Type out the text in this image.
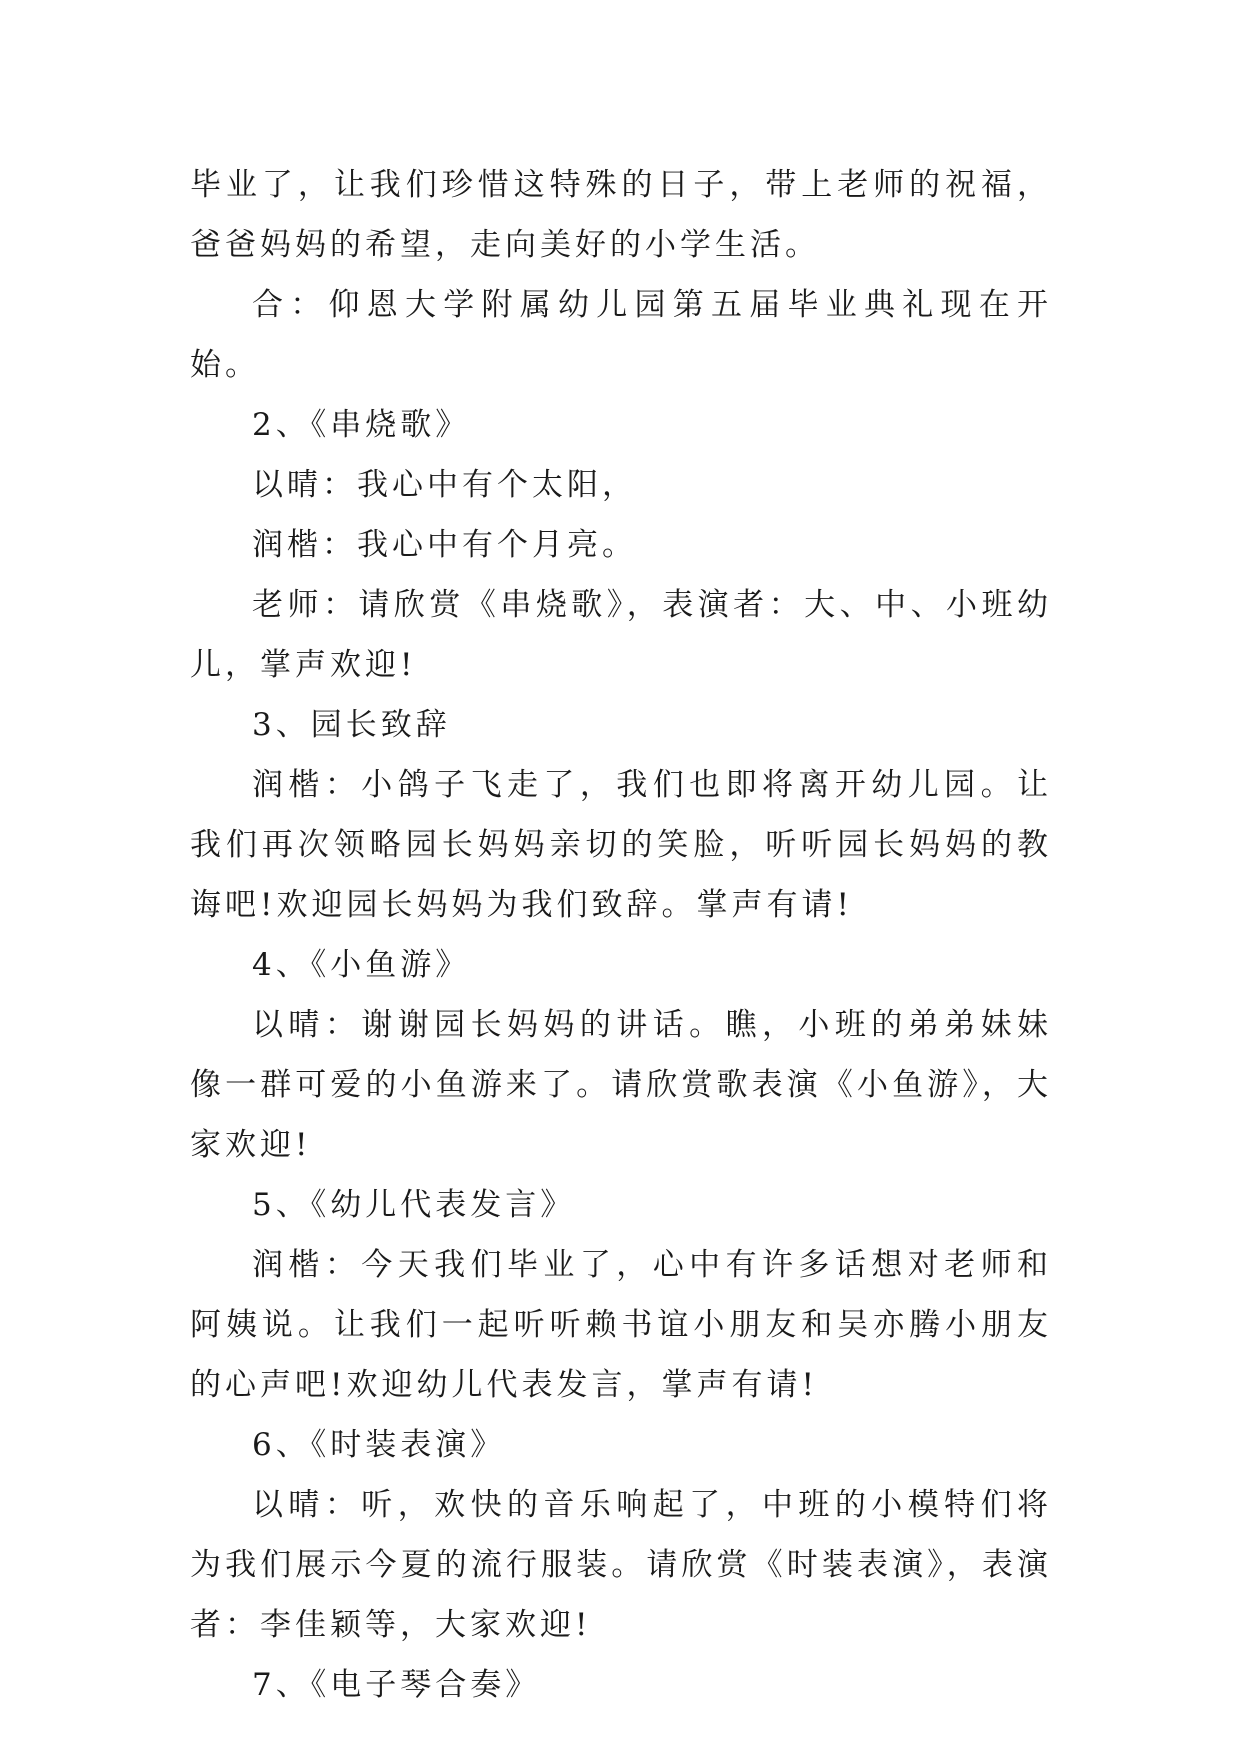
毕业了，让我们珍惜这特殊的日子，带上老师的祝福，爸爸妈妈的希望，走向美好的小学生活。

合：仰恩大学附属幼儿园第五届毕业典礼现在开始。

2、《串烧歌》

以晴：我心中有个太阳，

润楷：我心中有个月亮。

老师：请欣赏《串烧歌》，表演者：大、中、小班幼儿，掌声欢迎!

3、园长致辞

润楷：小鸽子飞走了，我们也即将离开幼儿园。让我们再次领略园长妈妈亲切的笑脸，听听园长妈妈的教诲吧!欢迎园长妈妈为我们致辞。掌声有请!

4、《小鱼游》

以晴：谢谢园长妈妈的讲话。瞧，小班的弟弟妹妹像一群可爱的小鱼游来了。请欣赏歌表演《小鱼游》，大家欢迎!

5、《幼儿代表发言》

润楷：今天我们毕业了，心中有许多话想对老师和阿姨说。让我们一起听听赖书谊小朋友和吴亦腾小朋友的心声吧!欢迎幼儿代表发言，掌声有请!

6、《时装表演》

以晴：听，欢快的音乐响起了，中班的小模特们将为我们展示今夏的流行服装。请欣赏《时装表演》，表演者：李佳颖等，大家欢迎!

7、《电子琴合奏》
